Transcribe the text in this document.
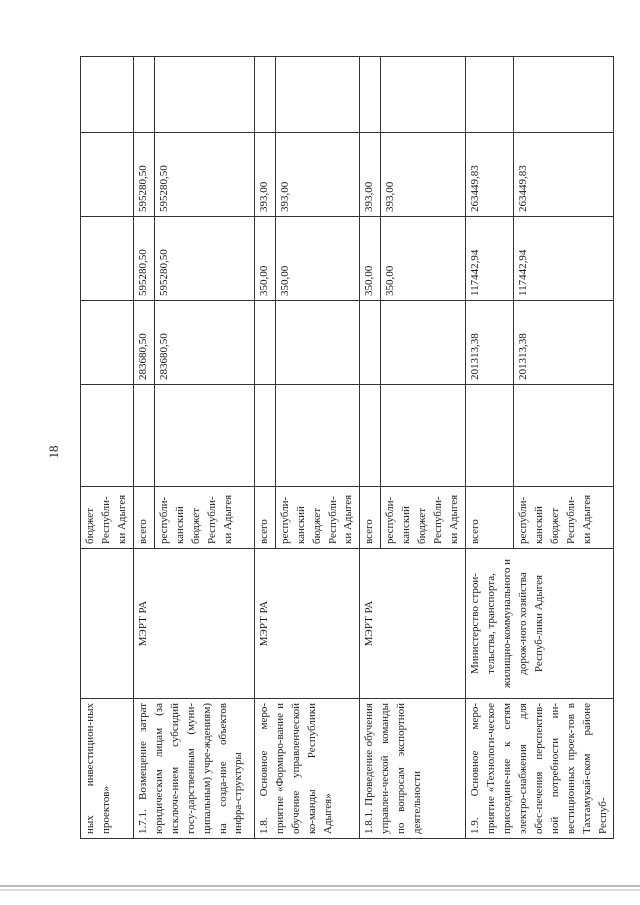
18
ных инвестицион-ных проектов»		бюджет Республи-ки Адыгея					
1.7.1. Возмещение затрат юридическим лицам (за исключе-нием субсидий госу-дарственным (муни-ципальным) учре-ждениям) на созда-ние объектов инфра-структуры	МЭРТ РА	всего		283680,50	595280,50	595280,50	
		республи-канский бюджет Республи-ки Адыгея		283680,50	595280,50	595280,50	
1.8. Основное меро-приятие «Формиро-вание и обучение управленческой ко-манды Республики Адыгея»	МЭРТ РА	всего			350,00	393,00	
		республи-канский бюджет Республи-ки Адыгея			350,00	393,00	
1.8.1. Проведение обучения управлен-ческой команды по вопросам экспортной деятельности	МЭРТ РА	всего			350,00	393,00	
		республи-канский бюджет Республи-ки Адыгея			350,00	393,00	
1.9. Основное меро-приятие «Технологи-ческое присоедине-ние к сетям электро-снабжения для обес-печения перспектив-ной потребности ин-вестиционных проек-тов в Тахтамукай-ском районе Респуб-	Министерство строи-тельства, транспорта, жилищно-коммунального и дорож-ного хозяйства Респуб-лики Адыгея	всего		201313,38	117442,94	263449,83	
		республи-канский бюджет Республи-ки Адыгея		201313,38	117442,94	263449,83	
